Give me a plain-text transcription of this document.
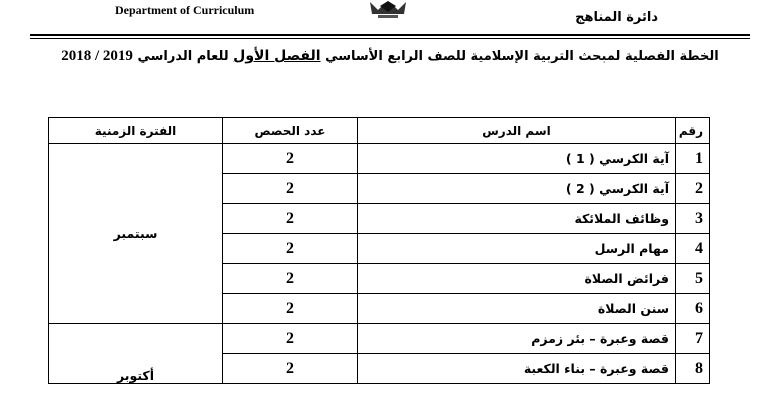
Department of Curriculum	دائرة المناهج
الخطة الفصلية لمبحث التربية الإسلامية للصف الرابع الأساسي الفصل الأول للعام الدراسي 2019 / 2018
رقم	اسم الدرس	عدد الحصص	الفترة الزمنية
1	آية الكرسي ( 1 )	2	سبتمبر
2	آية الكرسي ( 2 )	2	
3	وظائف الملائكة	2	
4	مهام الرسل	2	
5	فرائض الصلاة	2	
6	سنن الصلاة	2	
7	قصة وعبرة – بئر زمزم	2	أكتوبر
8	قصة وعبرة – بناء الكعبة	2	
